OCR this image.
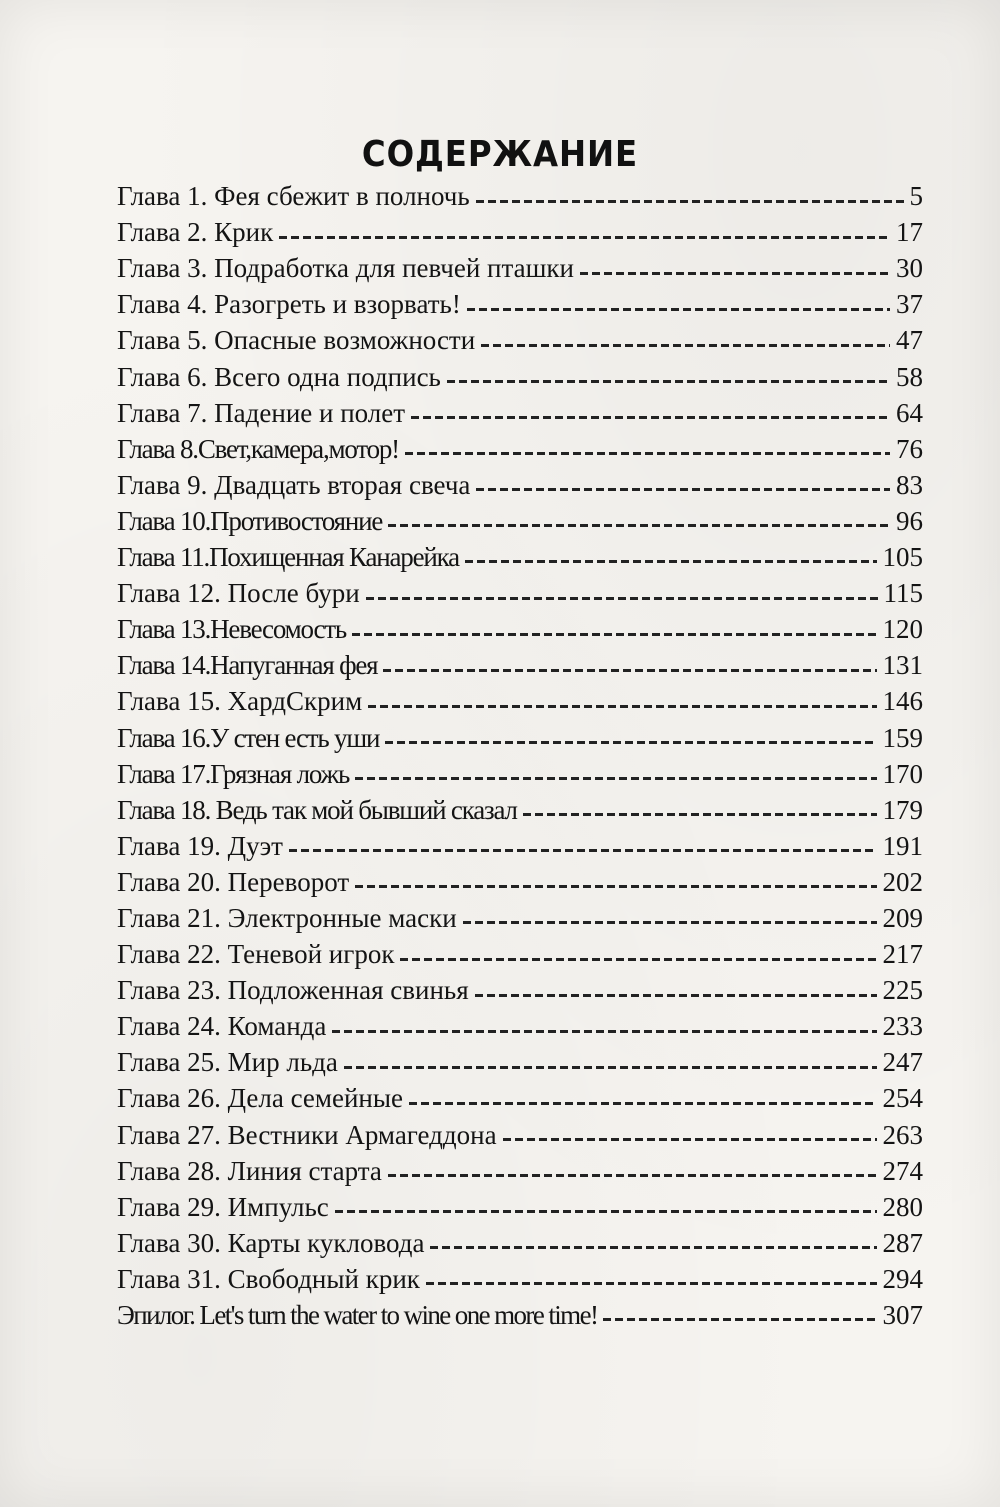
СОДЕРЖАНИЕ
Глава 1. Фея сбежит в полночь	5
Глава 2. Крик	17
Глава 3. Подработка для певчей пташки	30
Глава 4. Разогреть и взорвать!	37
Глава 5. Опасные возможности	47
Глава 6. Всего одна подпись	58
Глава 7. Падение и полет	64
Глава 8.Свет,камера,мотор!	76
Глава 9. Двадцать вторая свеча	83
Глава 10.Противостояние	96
Глава 11.Похищенная Канарейка	105
Глава 12. После бури	115
Глава 13.Невесомость	120
Глава 14.Напуганная фея	131
Глава 15. ХардСкрим	146
Глава 16.У стен есть уши	159
Глава 17.Грязная ложь	170
Глава 18. Ведь так мой бывший сказал	179
Глава 19. Дуэт	191
Глава 20. Переворот	202
Глава 21. Электронные маски	209
Глава 22. Теневой игрок	217
Глава 23. Подложенная свинья	225
Глава 24. Команда	233
Глава 25. Мир льда	247
Глава 26. Дела семейные	254
Глава 27. Вестники Армагеддона	263
Глава 28. Линия старта	274
Глава 29. Импульс	280
Глава 30. Карты кукловода	287
Глава 31. Свободный крик	294
Эпилог. Let's turn the water to wine one more time!	307
